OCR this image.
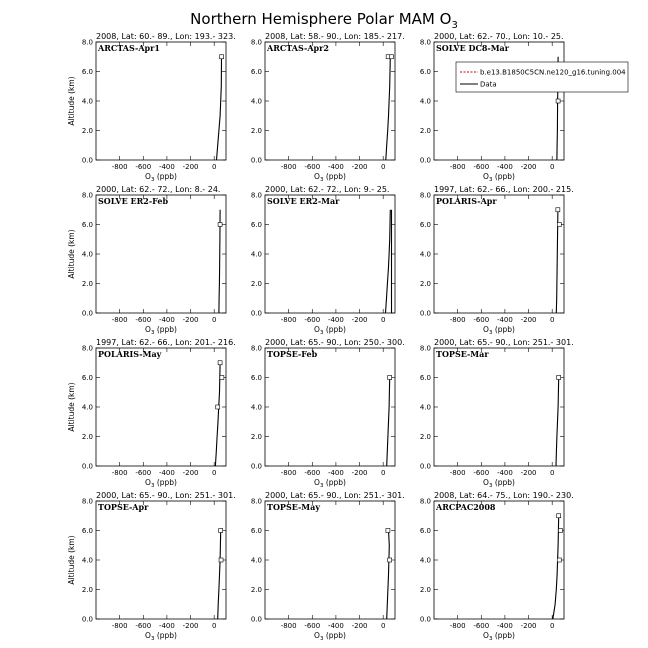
Northern Hemisphere Polar MAM $O_3$
2008, Lat: 60.- 89., Lon: 193.- 323.
ARCTAS-Apr1
-800 -600 -400 -200 0
0.0
2.0
4.0
6.0
8.0
$O_3$ (ppb)
Altitude (km)
2008, Lat: 58.- 90., Lon: 185.- 217.
ARCTAS-Apr2
-800 -600 -400 -200 0
0.0
2.0
4.0
6.0
8.0
$O_3$ (ppb)
2000, Lat: 62.- 70., Lon: 10.- 25.
SOLVE DC8-Mar
-800 -600 -400 -200 0
0.0
2.0
4.0
6.0
8.0
$O_3$ (ppb)
2000, Lat: 62.- 72., Lon: 8.- 24.
SOLVE ER2-Feb
-800 -600 -400 -200 0
0.0
2.0
4.0
6.0
8.0
$O_3$ (ppb)
Altitude (km)
2000, Lat: 62.- 72., Lon: 9.- 25.
SOLVE ER2-Mar
-800 -600 -400 -200 0
0.0
2.0
4.0
6.0
8.0
$O_3$ (ppb)
1997, Lat: 62.- 66., Lon: 200.- 215.
POLARIS-Apr
-800 -600 -400 -200 0
0.0
2.0
4.0
6.0
8.0
$O_3$ (ppb)
1997, Lat: 62.- 66., Lon: 201.- 216.
POLARIS-May
-800 -600 -400 -200 0
0.0
2.0
4.0
6.0
8.0
$O_3$ (ppb)
Altitude (km)
2000, Lat: 65.- 90., Lon: 250.- 300.
TOPSE-Feb
-800 -600 -400 -200 0
0.0
2.0
4.0
6.0
8.0
$O_3$ (ppb)
2000, Lat: 65.- 90., Lon: 251.- 301.
TOPSE-Mar
-800 -600 -400 -200 0
0.0
2.0
4.0
6.0
8.0
$O_3$ (ppb)
2000, Lat: 65.- 90., Lon: 251.- 301.
TOPSE-Apr
-800 -600 -400 -200 0
0.0
2.0
4.0
6.0
8.0
$O_3$ (ppb)
Altitude (km)
2000, Lat: 65.- 90., Lon: 251.- 301.
TOPSE-May
-800 -600 -400 -200 0
0.0
2.0
4.0
6.0
8.0
$O_3$ (ppb)
2008, Lat: 64.- 75., Lon: 190.- 230.
ARCPAC2008
-800 -600 -400 -200 0
0.0
2.0
4.0
6.0
8.0
$O_3$ (ppb)
b.e13.B1850C5CN.ne120_g16.tuning.004
Data
